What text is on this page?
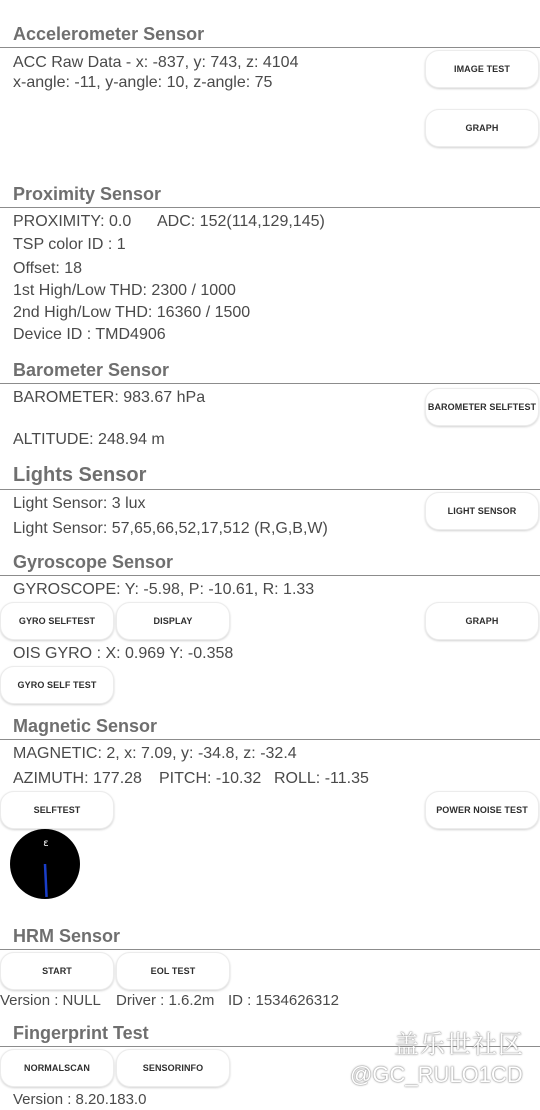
Accelerometer Sensor
ACC Raw Data - x: -837, y: 743, z: 4104
x-angle: -11, y-angle: 10, z-angle: 75
IMAGE TEST
GRAPH
Proximity Sensor
PROXIMITY: 0.0 ADC: 152(114,129,145)
TSP color ID : 1
Offset: 18
1st High/Low THD: 2300 / 1000
2nd High/Low THD: 16360 / 1500
Device ID : TMD4906
Barometer Sensor
BAROMETER: 983.67 hPa
ALTITUDE: 248.94 m
BAROMETER SELFTEST
Lights Sensor
Light Sensor: 3 lux
Light Sensor: 57,65,66,52,17,512 (R,G,B,W)
LIGHT SENSOR
Gyroscope Sensor
GYROSCOPE: Y: -5.98, P: -10.61, R: 1.33
GYRO SELFTEST	DISPLAY	GRAPH
OIS GYRO : X: 0.969 Y: -0.358
GYRO SELF TEST
Magnetic Sensor
MAGNETIC: 2, x: 7.09, y: -34.8, z: -32.4
AZIMUTH: 177.28 PITCH: -10.32 ROLL: -11.35
SELFTEST	POWER NOISE TEST
ε
HRM Sensor
START	EOL TEST
Version : NULL Driver : 1.6.2m ID : 1534626312
Fingerprint Test
NORMALSCAN	SENSORINFO
Version : 8.20.183.0
盖乐世社区
@GC_RULO1CD
